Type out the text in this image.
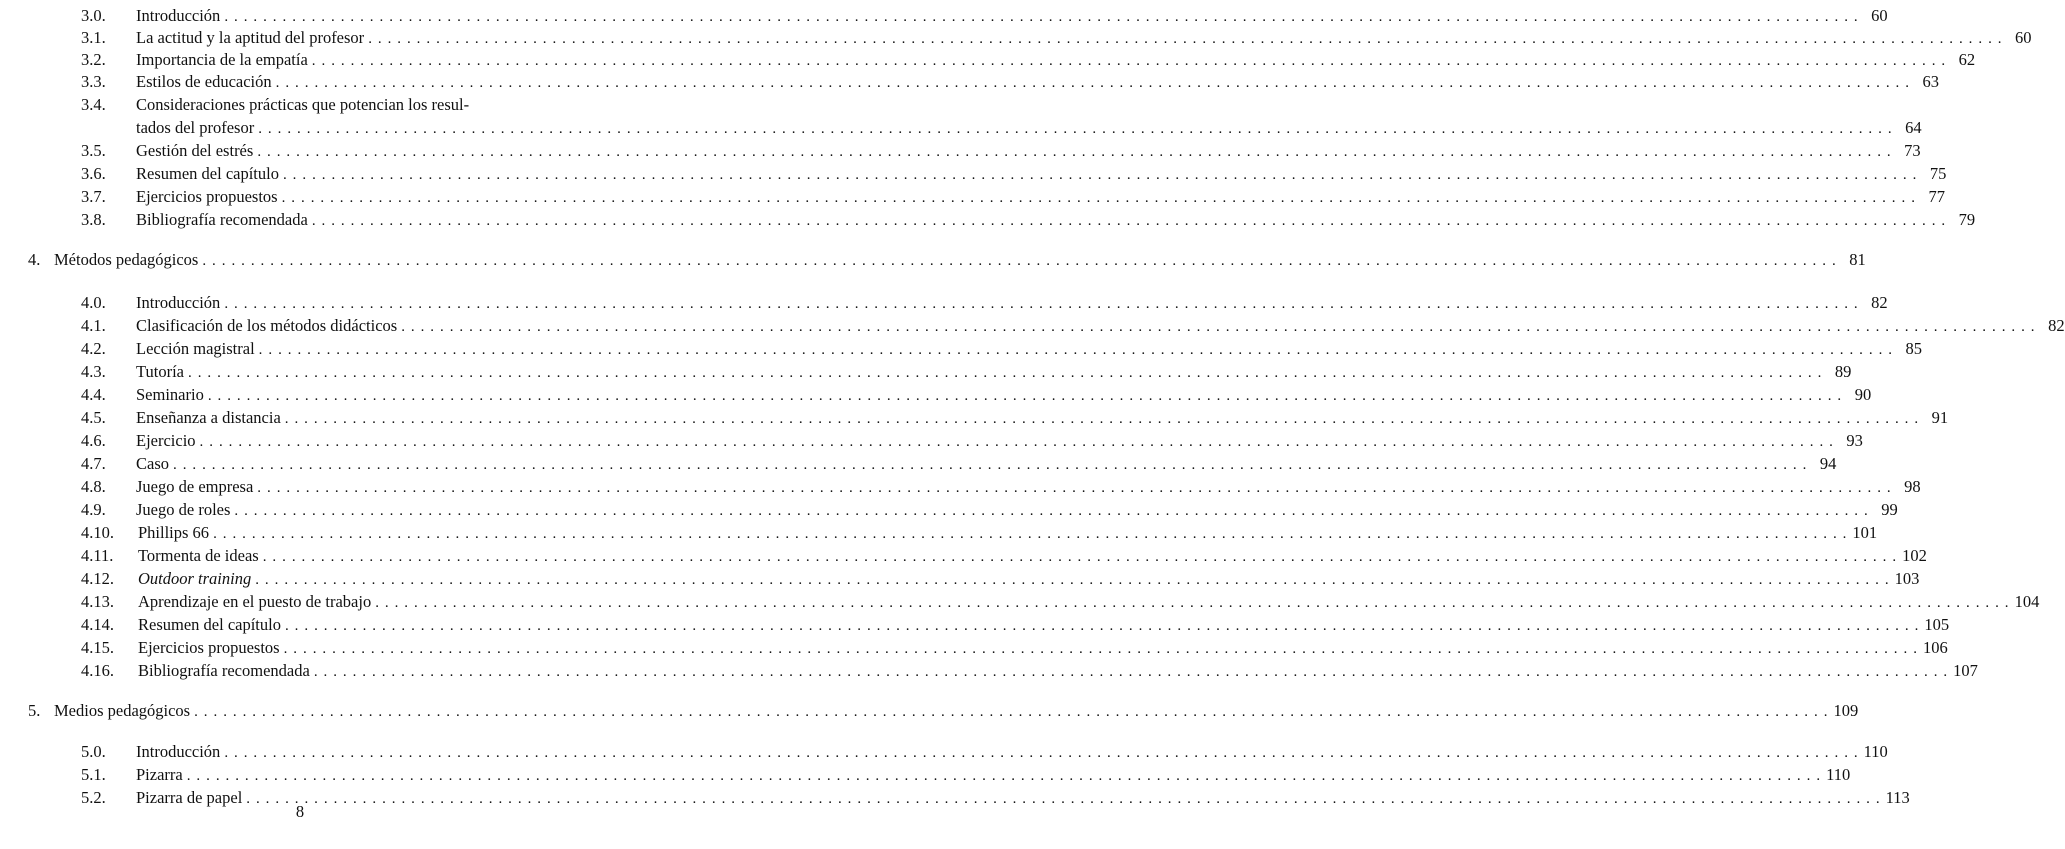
3.0.	Introducción . . .	60
3.1.	La actitud y la aptitud del profesor . . .	60
3.2.	Importancia de la empatía . . .	62
3.3.	Estilos de educación . . .	63
3.4.	Consideraciones prácticas que potencian los resul-
tados del profesor . . .	64
3.5.	Gestión del estrés . . .	73
3.6.	Resumen del capítulo . . .	75
3.7.	Ejercicios propuestos . . .	77
3.8.	Bibliografía recomendada . . .	79
4. Métodos pedagógicos . . .	81
4.0.	Introducción . . .	82
4.1.	Clasificación de los métodos didácticos . . .	82
4.2.	Lección magistral . . .	85
4.3.	Tutoría . . .	89
4.4.	Seminario . . .	90
4.5.	Enseñanza a distancia . . .	91
4.6.	Ejercicio . . .	93
4.7.	Caso . . .	94
4.8.	Juego de empresa . . .	98
4.9.	Juego de roles . . .	99
4.10.	Phillips 66 . . .	101
4.11.	Tormenta de ideas . . .	102
4.12.	Outdoor training . . .	103
4.13.	Aprendizaje en el puesto de trabajo . . .	104
4.14.	Resumen del capítulo . . .	105
4.15.	Ejercicios propuestos . . .	106
4.16.	Bibliografía recomendada . . .	107
5. Medios pedagógicos . . .	109
5.0.	Introducción . . .	110
5.1.	Pizarra . . .	110
5.2.	Pizarra de papel . . .	113
8
